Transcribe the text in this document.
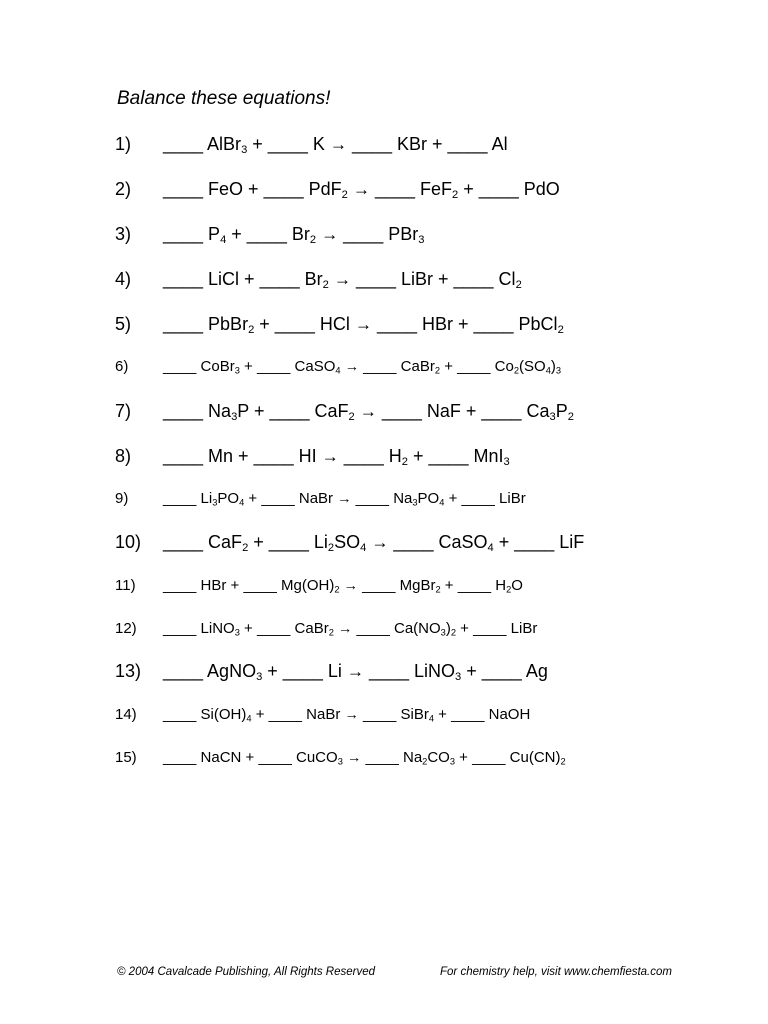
Balance these equations!
1)	____ AlBr$_3$ + ____ K → ____ KBr + ____ Al
2)	____ FeO + ____ PdF$_2$ → ____ FeF$_2$ + ____ PdO
3)	____ $P_4$ + ____ $Br_2$ → ____ PBr$_3$
4)	____ LiCl + ____ $Br_2$ → ____ LiBr + ____ $Cl_2$
5)	____ PbBr$_2$ + ____ HCl → ____ HBr + ____ PbCl$_2$
6)	____ CoBr$_3$ + ____ CaSO$_4$ → ____ CaBr$_2$ + ____ $Co_2(SO_4)_3$
7)	____ $Na_3P$ + ____ CaF$_2$ → ____ NaF + ____ $Ca_3P_2$
8)	____ Mn + ____ HI → ____ $H_2$ + ____ MnI$_3$
9)	____ $Li_3PO_4$ + ____ NaBr → ____ $Na_3PO_4$ + ____ LiBr
10)	____ CaF$_2$ + ____ $Li_2SO_4$ → ____ CaSO$_4$ + ____ LiF
11)	____ HBr + ____ $Mg(OH)_2$ → ____ MgBr$_2$ + ____ $H_2O$
12)	____ LiNO$_3$ + ____ CaBr$_2$ → ____ $Ca(NO_3)_2$ + ____ LiBr
13)	____ AgNO$_3$ + ____ Li → ____ LiNO$_3$ + ____ Ag
14)	____ $Si(OH)_4$ + ____ NaBr → ____ SiBr$_4$ + ____ NaOH
15)	____ NaCN + ____ CuCO$_3$ → ____ $Na_2CO_3$ + ____ $Cu(CN)_2$
© 2004 Cavalcade Publishing, All Rights Reserved	For chemistry help, visit www.chemfiesta.com
